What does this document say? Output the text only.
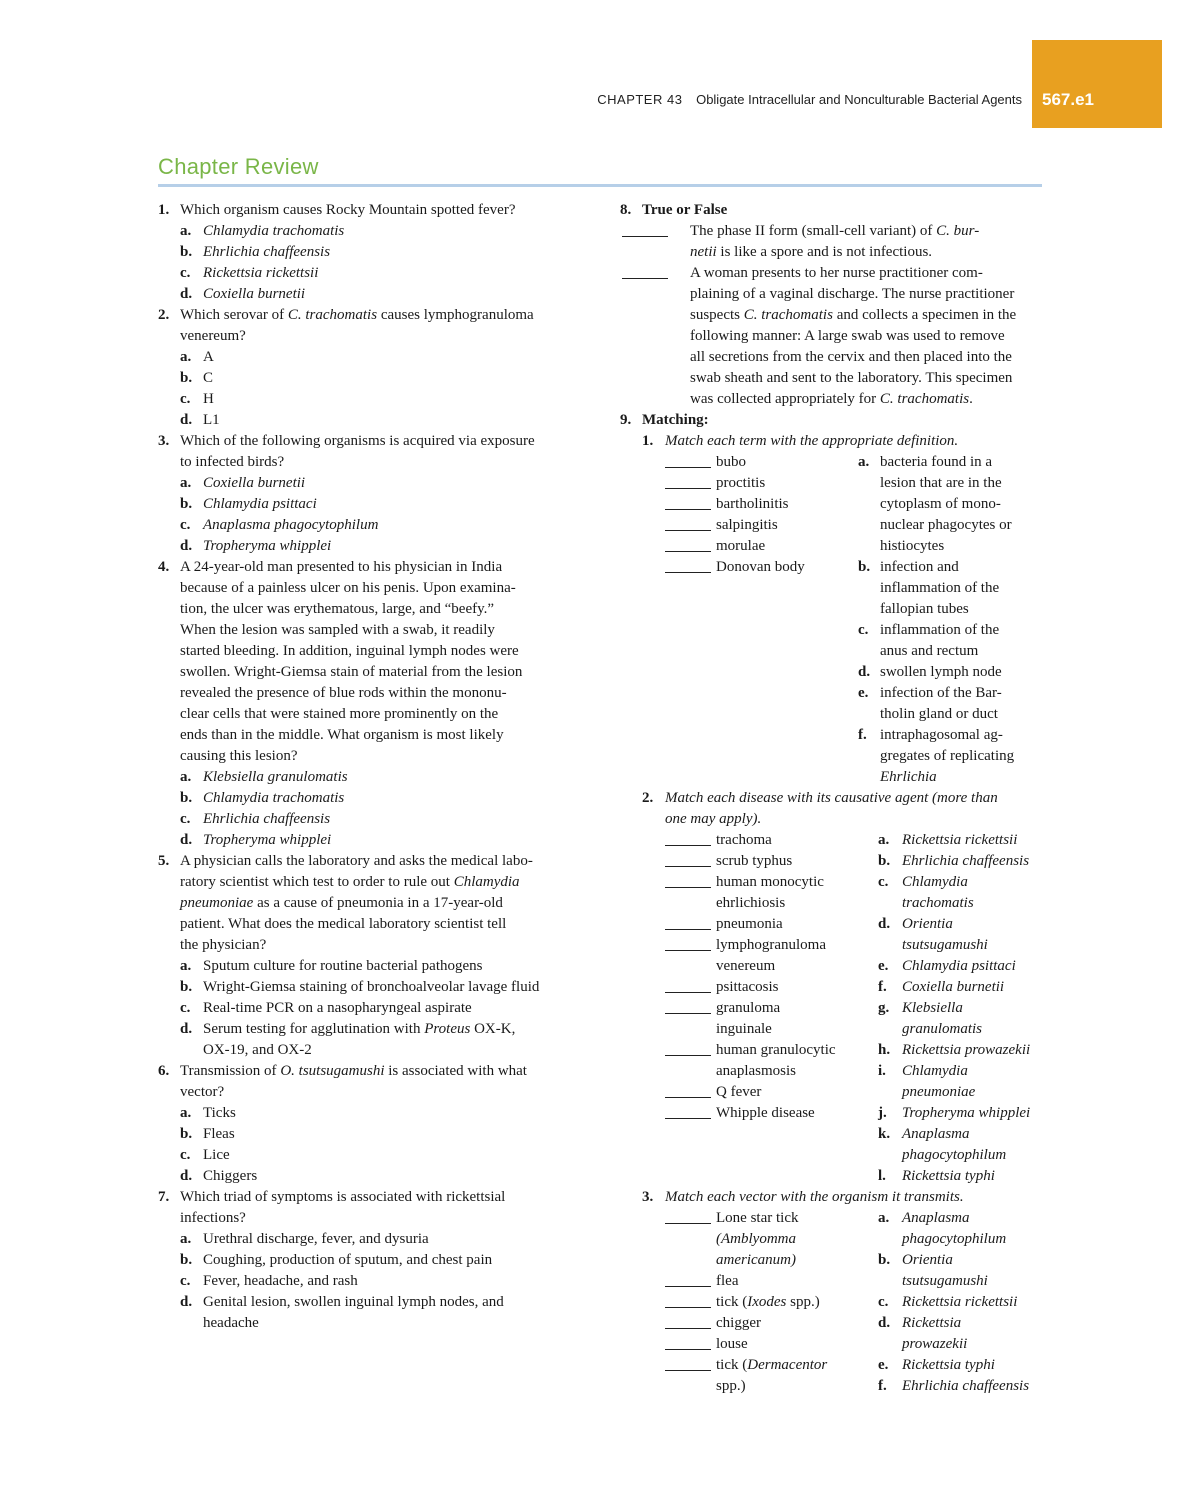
CHAPTER 43 Obligate Intracellular and Nonculturable Bacterial Agents 567.e1
Chapter Review
1. Which organism causes Rocky Mountain spotted fever?
a. Chlamydia trachomatis
b. Ehrlichia chaffeensis
c. Rickettsia rickettsii
d. Coxiella burnetii
2. Which serovar of C. trachomatis causes lymphogranuloma
venereum?
a. A
b. C
c. H
d. L1
3. Which of the following organisms is acquired via exposure
to infected birds?
a. Coxiella burnetii
b. Chlamydia psittaci
c. Anaplasma phagocytophilum
d. Tropheryma whipplei
4. A 24-year-old man presented to his physician in India
because of a painless ulcer on his penis. Upon examina-
tion, the ulcer was erythematous, large, and “beefy.”
When the lesion was sampled with a swab, it readily
started bleeding. In addition, inguinal lymph nodes were
swollen. Wright-Giemsa stain of material from the lesion
revealed the presence of blue rods within the mononu-
clear cells that were stained more prominently on the
ends than in the middle. What organism is most likely
causing this lesion?
a. Klebsiella granulomatis
b. Chlamydia trachomatis
c. Ehrlichia chaffeensis
d. Tropheryma whipplei
5. A physician calls the laboratory and asks the medical labo-
ratory scientist which test to order to rule out Chlamydia
pneumoniae as a cause of pneumonia in a 17-year-old
patient. What does the medical laboratory scientist tell
the physician?
a. Sputum culture for routine bacterial pathogens
b. Wright-Giemsa staining of bronchoalveolar lavage fluid
c. Real-time PCR on a nasopharyngeal aspirate
d. Serum testing for agglutination with Proteus OX-K,
OX-19, and OX-2
6. Transmission of O. tsutsugamushi is associated with what
vector?
a. Ticks
b. Fleas
c. Lice
d. Chiggers
7. Which triad of symptoms is associated with rickettsial
infections?
a. Urethral discharge, fever, and dysuria
b. Coughing, production of sputum, and chest pain
c. Fever, headache, and rash
d. Genital lesion, swollen inguinal lymph nodes, and
headache
8. True or False
The phase II form (small-cell variant) of C. bur-
netii is like a spore and is not infectious.
A woman presents to her nurse practitioner com-
plaining of a vaginal discharge. The nurse practitioner
suspects C. trachomatis and collects a specimen in the
following manner: A large swab was used to remove
all secretions from the cervix and then placed into the
swab sheath and sent to the laboratory. This specimen
was collected appropriately for C. trachomatis.
9. Matching:
1. Match each term with the appropriate definition.
bubo
proctitis
bartholinitis
salpingitis
morulae
Donovan body
a. bacteria found in a
lesion that are in the
cytoplasm of mono-
nuclear phagocytes or
histiocytes
b. infection and
inflammation of the
fallopian tubes
c. inflammation of the
anus and rectum
d. swollen lymph node
e. infection of the Bar-
tholin gland or duct
f. intraphagosomal ag-
gregates of replicating
Ehrlichia
2. Match each disease with its causative agent (more than
one may apply).
trachoma
scrub typhus
human monocytic
ehrlichiosis
pneumonia
lymphogranuloma
venereum
psittacosis
granuloma
inguinale
human granulocytic
anaplasmosis
Q fever
Whipple disease
a. Rickettsia rickettsii
b. Ehrlichia chaffeensis
c. Chlamydia
trachomatis
d. Orientia
tsutsugamushi
e. Chlamydia psittaci
f. Coxiella burnetii
g. Klebsiella
granulomatis
h. Rickettsia prowazekii
i. Chlamydia
pneumoniae
j. Tropheryma whipplei
k. Anaplasma
phagocytophilum
l. Rickettsia typhi
3. Match each vector with the organism it transmits.
Lone star tick
(Amblyomma
americanum)
flea
tick (Ixodes spp.)
chigger
louse
tick (Dermacentor
spp.)
a. Anaplasma
phagocytophilum
b. Orientia
tsutsugamushi
c. Rickettsia rickettsii
d. Rickettsia
prowazekii
e. Rickettsia typhi
f. Ehrlichia chaffeensis
